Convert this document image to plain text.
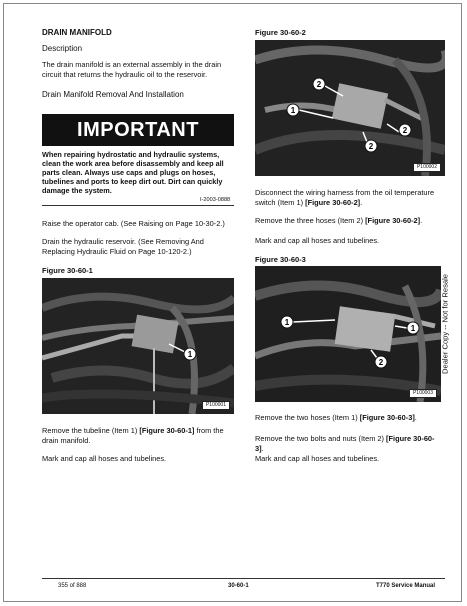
DRAIN MANIFOLD
Description
The drain manifold is an external assembly in the drain circuit that returns the hydraulic oil to the reservoir.
Drain Manifold Removal And Installation
IMPORTANT
When repairing hydrostatic and hydraulic systems, clean the work area before disassembly and keep all parts clean. Always use caps and plugs on hoses, tubelines and ports to keep dirt out. Dirt can quickly damage the system.
I-2003-0888
Raise the operator cab. (See Raising on Page 10-30-2.)
Drain the hydraulic reservoir. (See Removing And Replacing Hydraulic Fluid on Page 10-120-2.)
Figure 30-60-1
1
P100001
Remove the tubeline (Item 1) [Figure 30-60-1] from the drain manifold.
Mark and cap all hoses and tubelines.
Figure 30-60-2
2
1
2
2
P100002
Disconnect the wiring harness from the oil temperature switch (Item 1) [Figure 30-60-2].
Remove the three hoses (Item 2) [Figure 30-60-2].
Mark and cap all hoses and tubelines.
Figure 30-60-3
1
1
2
P100003
Remove the two hoses (Item 1) [Figure 30-60-3].
Remove the two bolts and nuts (Item 2) [Figure 30-60-3].
Mark and cap all hoses and tubelines.
Dealer Copy -- Not for Resale
355 of 888	30-60-1	T770 Service Manual
